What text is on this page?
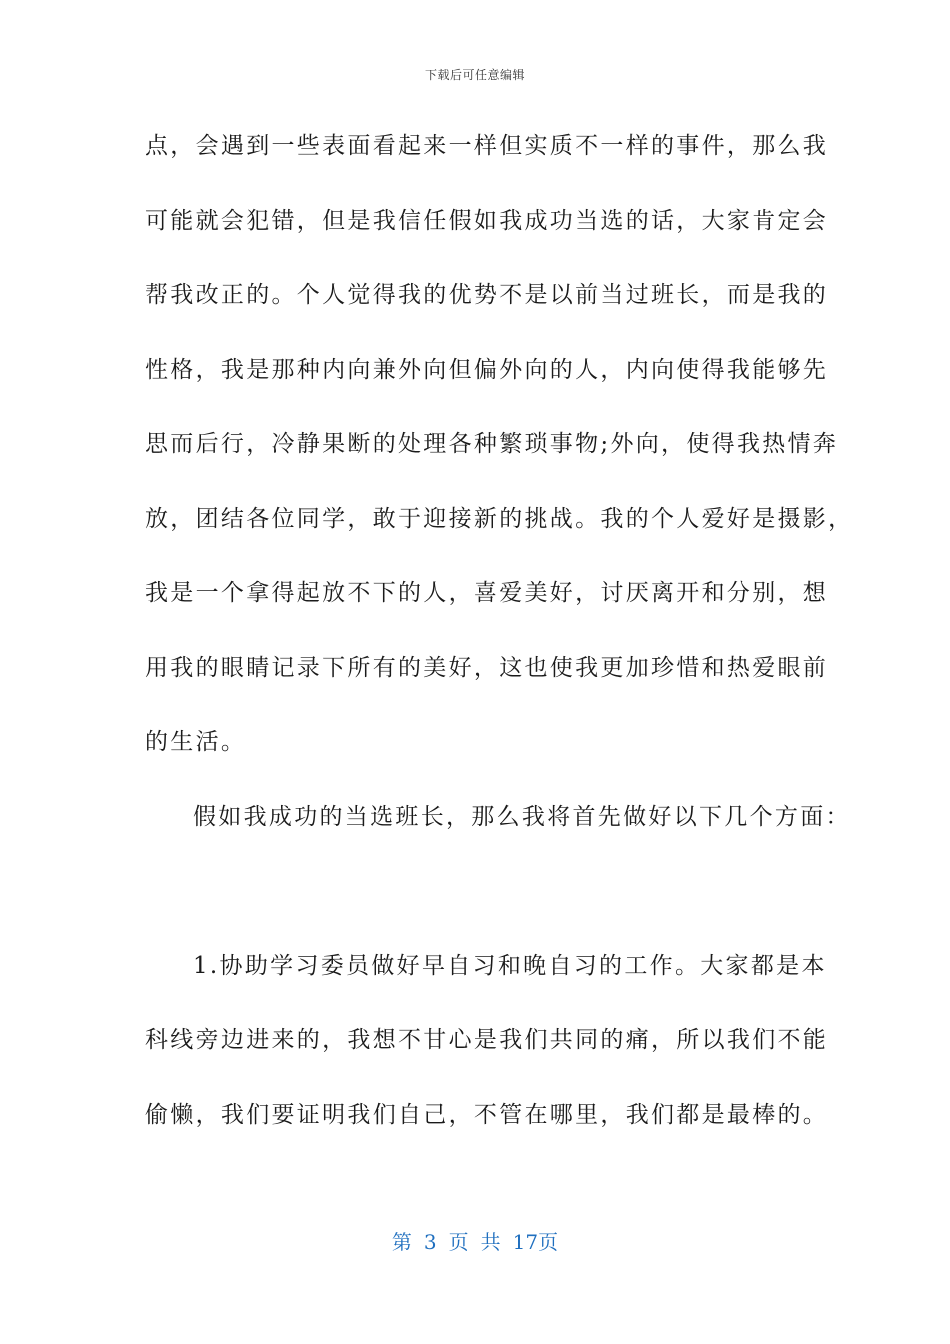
下载后可任意编辑
点，会遇到一些表面看起来一样但实质不一样的事件，那么我
可能就会犯错，但是我信任假如我成功当选的话，大家肯定会
帮我改正的。个人觉得我的优势不是以前当过班长，而是我的
性格，我是那种内向兼外向但偏外向的人，内向使得我能够先
思而后行，冷静果断的处理各种繁琐事物;外向，使得我热情奔
放，团结各位同学，敢于迎接新的挑战。我的个人爱好是摄影，
我是一个拿得起放不下的人，喜爱美好，讨厌离开和分别，想
用我的眼睛记录下所有的美好，这也使我更加珍惜和热爱眼前
的生活。
假如我成功的当选班长，那么我将首先做好以下几个方面：
1.协助学习委员做好早自习和晚自习的工作。大家都是本
科线旁边进来的，我想不甘心是我们共同的痛，所以我们不能
偷懒，我们要证明我们自己，不管在哪里，我们都是最棒的。
第 3 页 共 17页
